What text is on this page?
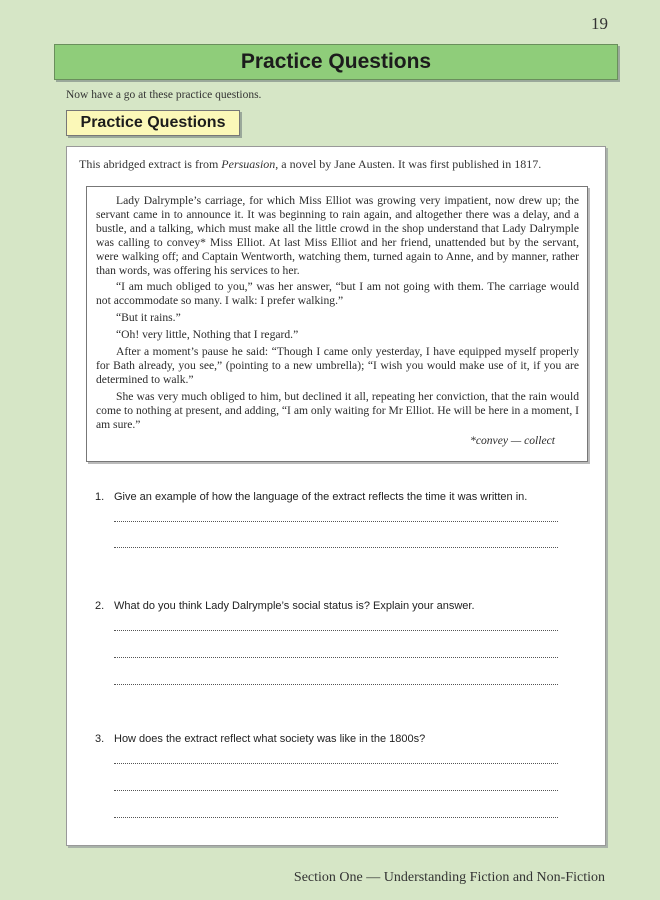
19
Practice Questions
Now have a go at these practice questions.
Practice Questions
This abridged extract is from Persuasion, a novel by Jane Austen. It was first published in 1817.

Lady Dalrymple’s carriage, for which Miss Elliot was growing very impatient, now drew up; the servant came in to announce it. It was beginning to rain again, and altogether there was a delay, and a bustle, and a talking, which must make all the little crowd in the shop understand that Lady Dalrymple was calling to convey* Miss Elliot. At last Miss Elliot and her friend, unattended but by the servant, were walking off; and Captain Wentworth, watching them, turned again to Anne, and by manner, rather than words, was offering his services to her.

“I am much obliged to you,” was her answer, “but I am not going with them. The carriage would not accommodate so many. I walk: I prefer walking.”

“But it rains.”

“Oh! very little, Nothing that I regard.”

After a moment’s pause he said: “Though I came only yesterday, I have equipped myself properly for Bath already, you see,” (pointing to a new umbrella); “I wish you would make use of it, if you are determined to walk.”

She was very much obliged to him, but declined it all, repeating her conviction, that the rain would come to nothing at present, and adding, “I am only waiting for Mr Elliot. He will be here in a moment, I am sure.”

*convey — collect
1. Give an example of how the language of the extract reflects the time it was written in.
2. What do you think Lady Dalrymple’s social status is? Explain your answer.
3. How does the extract reflect what society was like in the 1800s?
Section One — Understanding Fiction and Non-Fiction
